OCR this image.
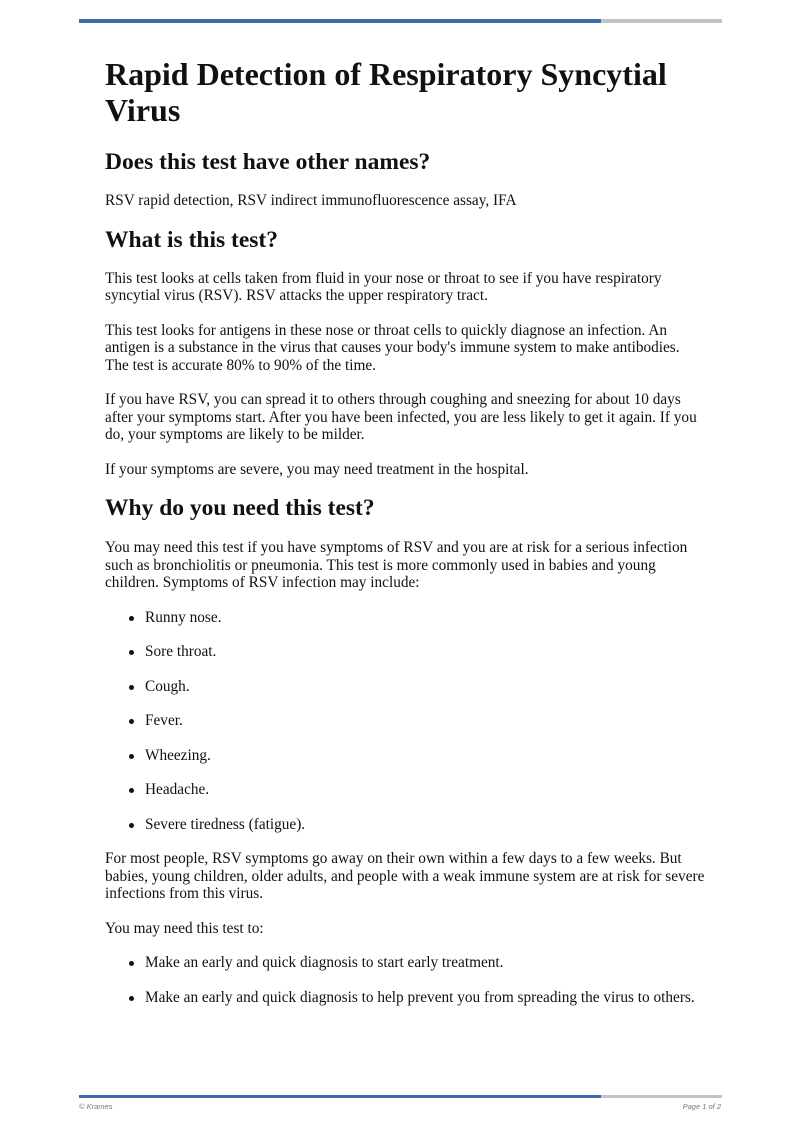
Rapid Detection of Respiratory Syncytial Virus
Does this test have other names?

RSV rapid detection, RSV indirect immunofluorescence assay, IFA

What is this test?

This test looks at cells taken from fluid in your nose or throat to see if you have respiratory syncytial virus (RSV). RSV attacks the upper respiratory tract.

This test looks for antigens in these nose or throat cells to quickly diagnose an infection. An antigen is a substance in the virus that causes your body's immune system to make antibodies. The test is accurate 80% to 90% of the time.

If you have RSV, you can spread it to others through coughing and sneezing for about 10 days after your symptoms start. After you have been infected, you are less likely to get it again. If you do, your symptoms are likely to be milder.

If your symptoms are severe, you may need treatment in the hospital.

Why do you need this test?

You may need this test if you have symptoms of RSV and you are at risk for a serious infection such as bronchiolitis or pneumonia. This test is more commonly used in babies and young children. Symptoms of RSV infection may include:

Runny nose.
Sore throat.
Cough.
Fever.
Wheezing.
Headache.
Severe tiredness (fatigue).

For most people, RSV symptoms go away on their own within a few days to a few weeks. But babies, young children, older adults, and people with a weak immune system are at risk for severe infections from this virus.

You may need this test to:

Make an early and quick diagnosis to start early treatment.
Make an early and quick diagnosis to help prevent you from spreading the virus to others.
© Krames	Page 1 of 2
